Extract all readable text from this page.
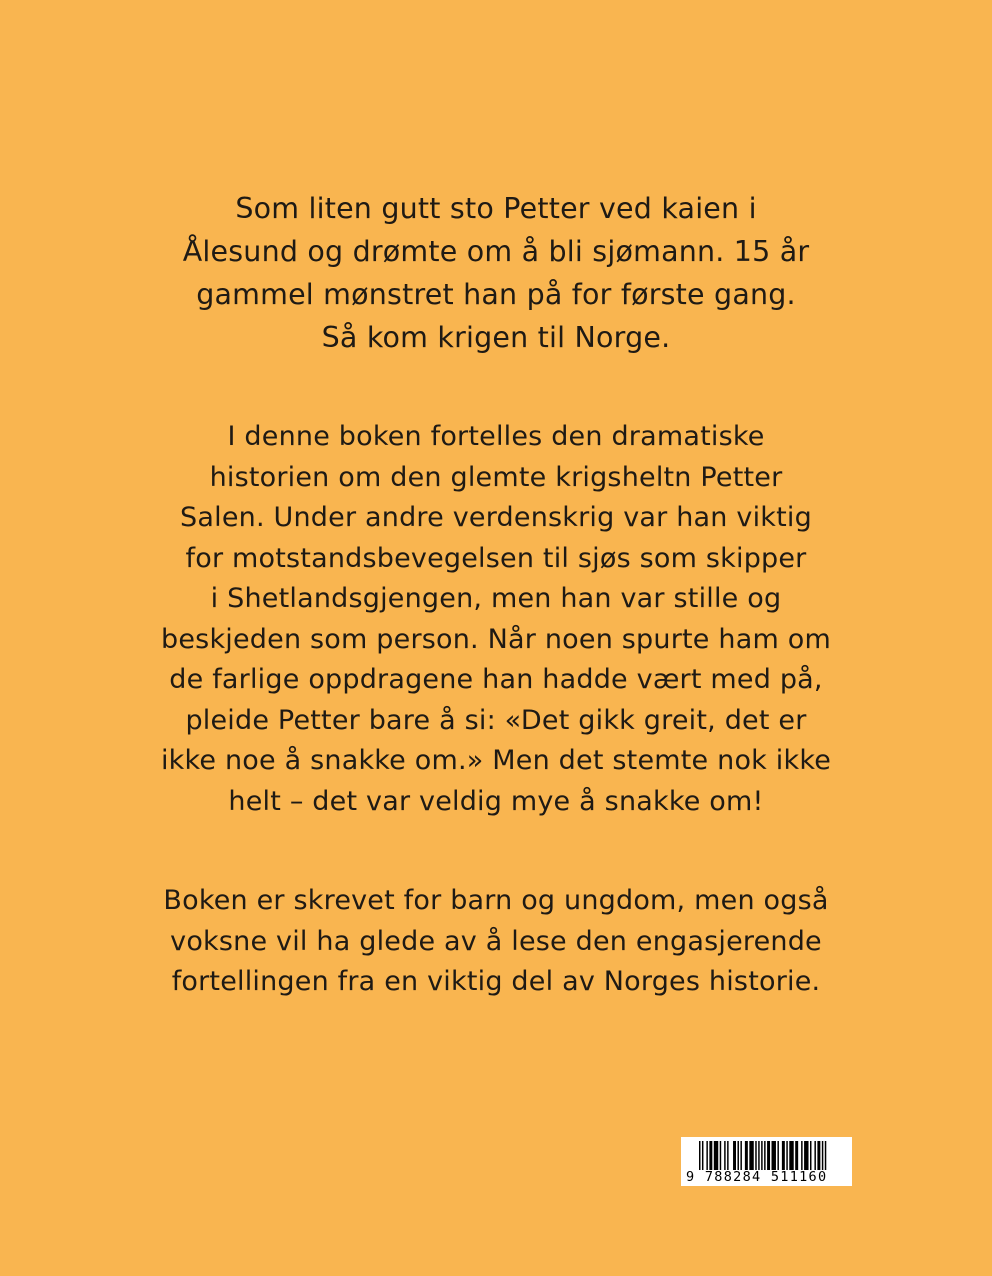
Som liten gutt sto Petter ved kaien i
Ålesund og drømte om å bli sjømann. 15 år
gammel mønstret han på for første gang.
Så kom krigen til Norge.

I denne boken fortelles den dramatiske
historien om den glemte krigsheltn Petter
Salen. Under andre verdenskrig var han viktig
for motstandsbevegelsen til sjøs som skipper
i Shetlandsgjengen, men han var stille og
beskjeden som person. Når noen spurte ham om
de farlige oppdragene han hadde vært med på,
pleide Petter bare å si: «Det gikk greit, det er
ikke noe å snakke om.» Men det stemte nok ikke
helt – det var veldig mye å snakke om!

Boken er skrevet for barn og ungdom, men også
voksne vil ha glede av å lese den engasjerende
fortellingen fra en viktig del av Norges historie.

9 788284 511160
